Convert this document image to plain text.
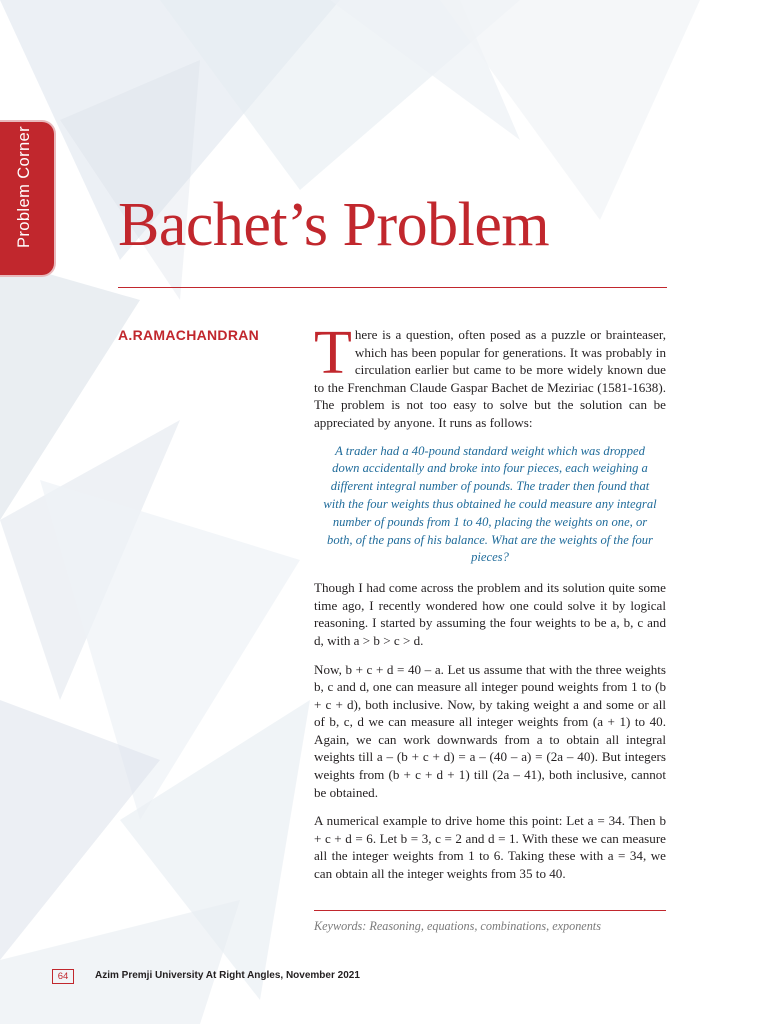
Problem Corner Bachet’s Problem
A.RAMACHANDRAN There is a question, often posed as a puzzle or brainteaser, which has been popular for generations. It was probably in circulation earlier but came to be more widely known due to the Frenchman Claude Gaspar Bachet de Meziriac (1581-1638). The problem is not too easy to solve but the solution can be appreciated by anyone. It runs as follows:

A trader had a 40-pound standard weight which was dropped down accidentally and broke into four pieces, each weighing a different integral number of pounds. The trader then found that with the four weights thus obtained he could measure any integral number of pounds from 1 to 40, placing the weights on one, or both, of the pans of his balance. What are the weights of the four pieces?

Though I had come across the problem and its solution quite some time ago, I recently wondered how one could solve it by logical reasoning. I started by assuming the four weights to be a, b, c and d, with a > b > c > d.

Now, b + c + d = 40 – a. Let us assume that with the three weights b, c and d, one can measure all integer pound weights from 1 to (b + c + d), both inclusive. Now, by taking weight a and some or all of b, c, d we can measure all integer weights from (a + 1) to 40. Again, we can work downwards from a to obtain all integral weights till a – (b + c + d) = a – (40 – a) = (2a – 40). But integers weights from (b + c + d + 1) till (2a – 41), both inclusive, cannot be obtained.

A numerical example to drive home this point: Let a = 34. Then b + c + d = 6. Let b = 3, c = 2 and d = 1. With these we can measure all the integer weights from 1 to 6. Taking these with a = 34, we can obtain all the integer weights from 35 to 40.

Keywords: Reasoning, equations, combinations, exponents
64	Azim Premji University At Right Angles, November 2021
